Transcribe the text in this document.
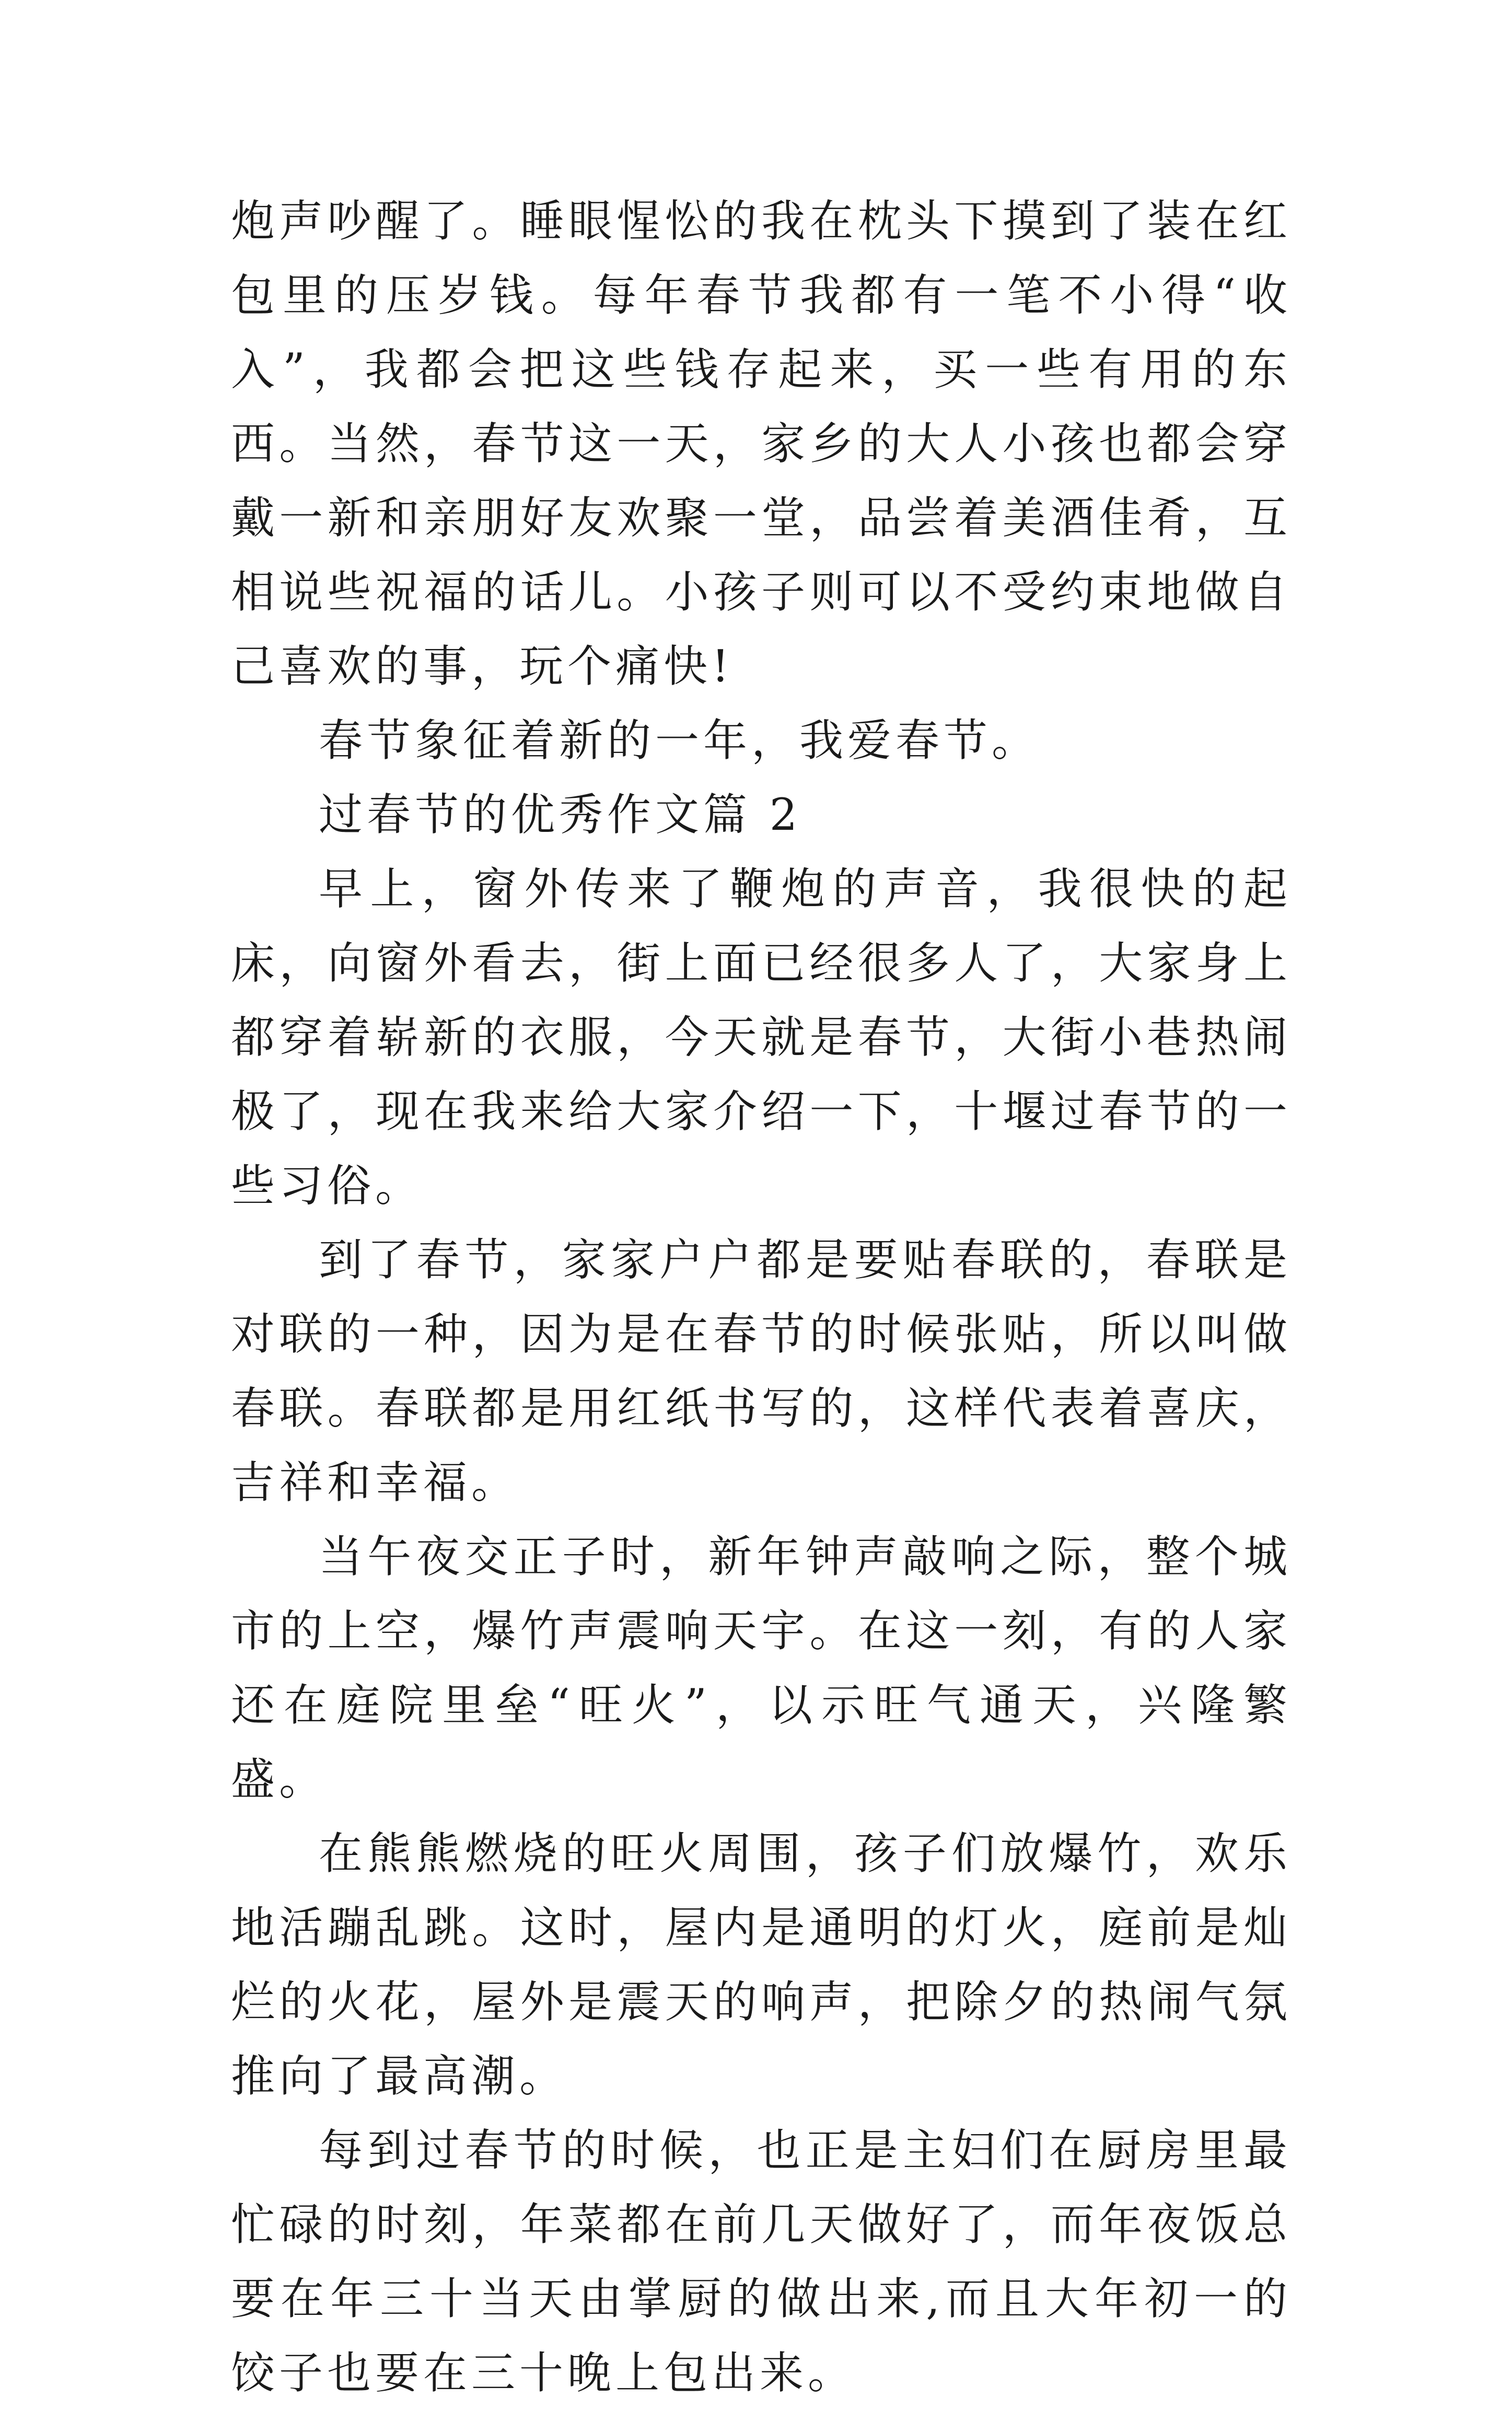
炮声吵醒了。睡眼惺忪的我在枕头下摸到了装在红包里的压岁钱。每年春节我都有一笔不小得“收入”，我都会把这些钱存起来，买一些有用的东西。当然，春节这一天，家乡的大人小孩也都会穿戴一新和亲朋好友欢聚一堂，品尝着美酒佳肴，互相说些祝福的话儿。小孩子则可以不受约束地做自己喜欢的事，玩个痛快!

春节象征着新的一年，我爱春节。

过春节的优秀作文篇 2

早上，窗外传来了鞭炮的声音，我很快的起床，向窗外看去，街上面已经很多人了，大家身上都穿着崭新的衣服，今天就是春节，大街小巷热闹极了，现在我来给大家介绍一下，十堰过春节的一些习俗。

到了春节，家家户户都是要贴春联的，春联是对联的一种，因为是在春节的时候张贴，所以叫做春联。春联都是用红纸书写的，这样代表着喜庆，吉祥和幸福。

当午夜交正子时，新年钟声敲响之际，整个城市的上空，爆竹声震响天宇。在这一刻，有的人家还在庭院里垒“旺火”，以示旺气通天，兴隆繁盛。

在熊熊燃烧的旺火周围，孩子们放爆竹，欢乐地活蹦乱跳。这时，屋内是通明的灯火，庭前是灿烂的火花，屋外是震天的响声，把除夕的热闹气氛推向了最高潮。

每到过春节的时候，也正是主妇们在厨房里最忙碌的时刻，年菜都在前几天做好了，而年夜饭总要在年三十当天由掌厨的做出来,而且大年初一的饺子也要在三十晚上包出来。
